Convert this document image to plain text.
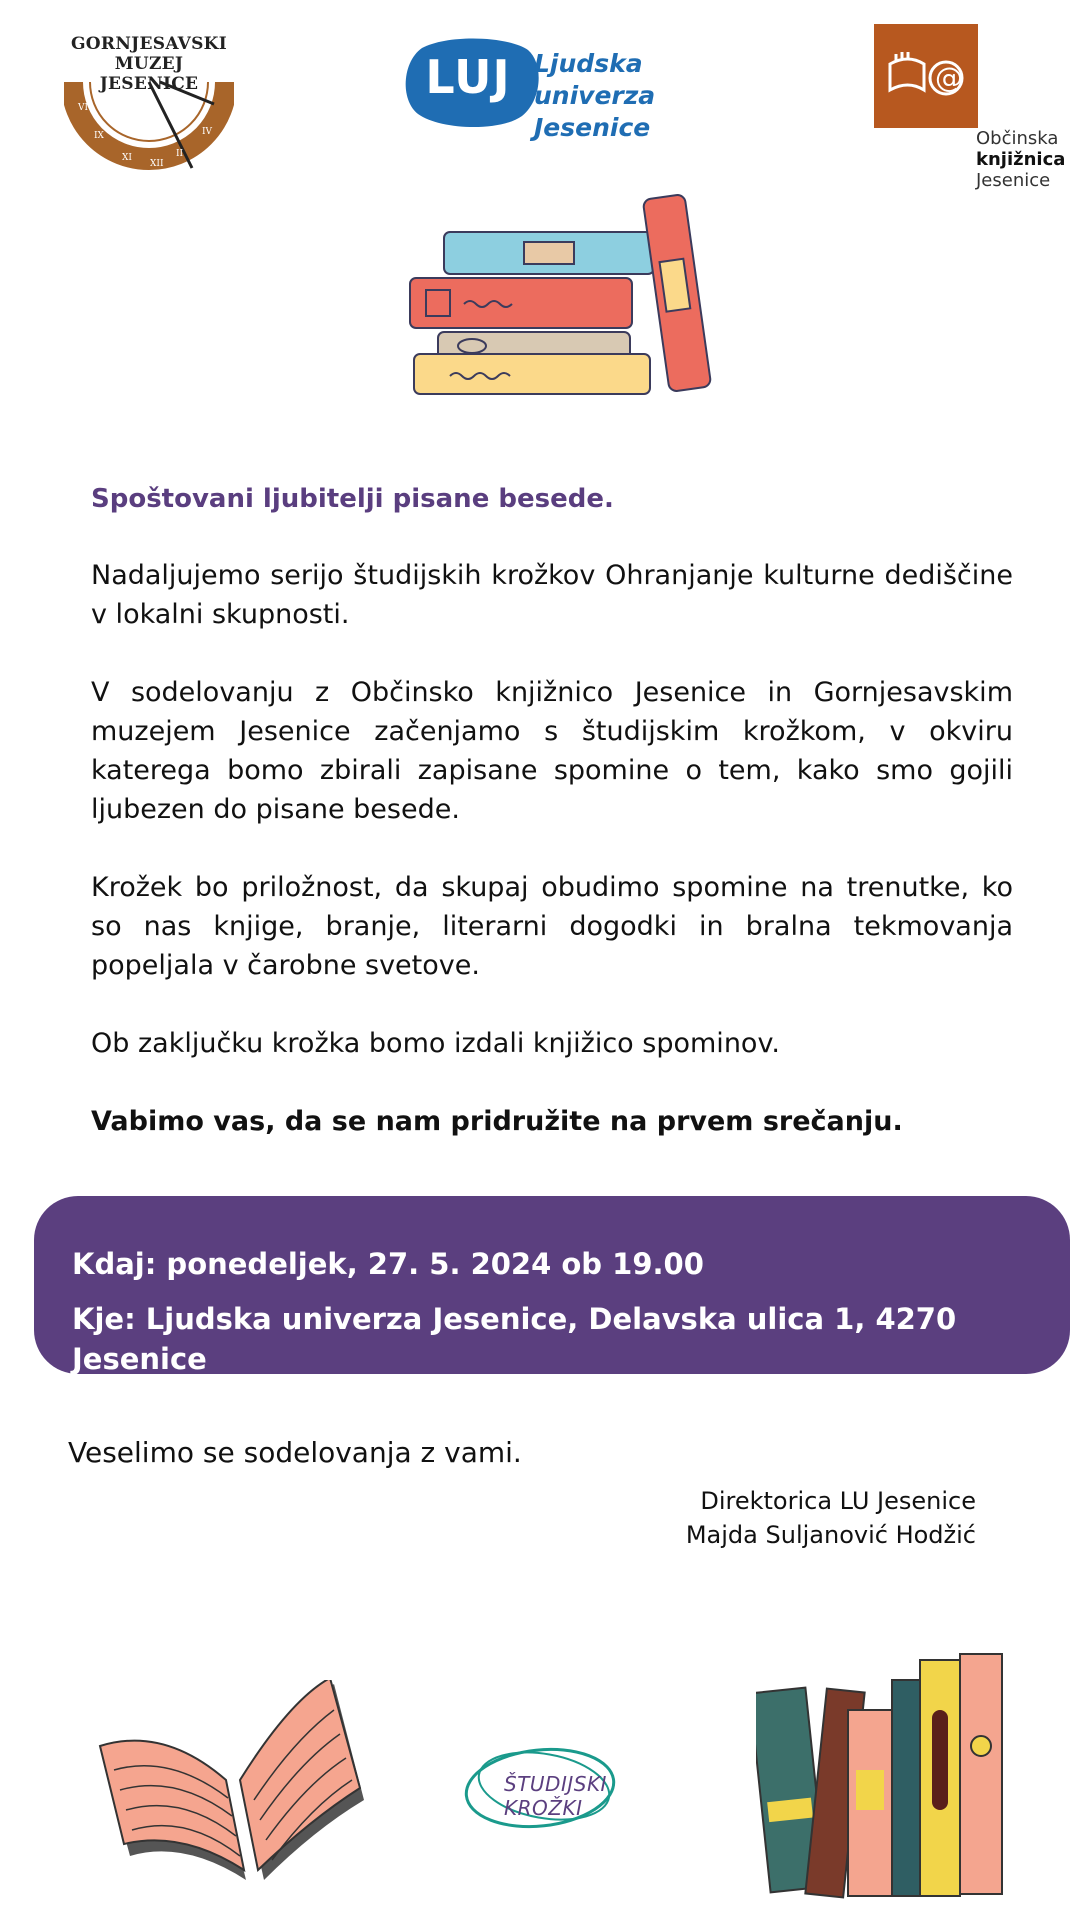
GORNJESAVSKI
MUZEJ JESENICE
VI
IX
XI
XII
II
IV
LUJ Ljudska univerza
Jesenice
@
Občinska
knjižnica
Jesenice

Spoštovani ljubitelji pisane besede.

Nadaljujemo serijo študijskih krožkov Ohranjanje kulturne dediščine v lokalni skupnosti.

V sodelovanju z Občinsko knjižnico Jesenice in Gornjesavskim muzejem Jesenice začenjamo s študijskim krožkom, v okviru katerega bomo zbirali zapisane spomine o tem, kako smo gojili ljubezen do pisane besede.

Krožek bo priložnost, da skupaj obudimo spomine na trenutke, ko so nas knjige, branje, literarni dogodki in bralna tekmovanja popeljala v čarobne svetove.

Ob zaključku krožka bomo izdali knjižico spominov.

Vabimo vas, da se nam pridružite na prvem srečanju.

Kdaj: ponedeljek, 27. 5. 2024 ob 19.00
Kje: Ljudska univerza Jesenice, Delavska ulica 1, 4270 Jesenice
Veselimo se sodelovanja z vami.
Direktorica LU Jesenice
Majda Suljanović Hodžić
ŠTUDIJSKI KROŽKI
